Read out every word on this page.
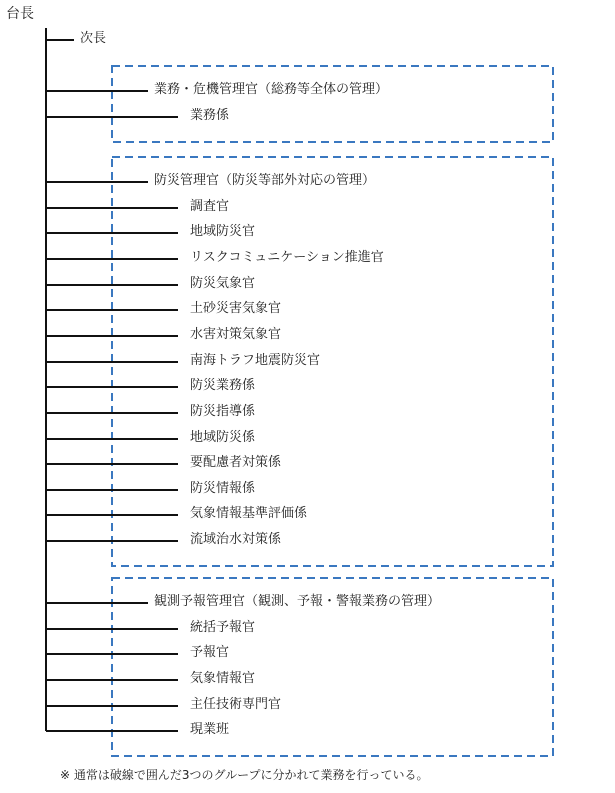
台長
次長
業務・危機管理官（総務等全体の管理）
業務係
防災管理官（防災等部外対応の管理）
調査官
地域防災官
リスクコミュニケーション推進官
防災気象官
土砂災害気象官
水害対策気象官
南海トラフ地震防災官
防災業務係
防災指導係
地域防災係
要配慮者対策係
防災情報係
気象情報基準評価係
流域治水対策係
観測予報管理官（観測、予報・警報業務の管理）
統括予報官
予報官
気象情報官
主任技術専門官
現業班
※ 通常は破線で囲んだ3つのグループに分かれて業務を行っている。
